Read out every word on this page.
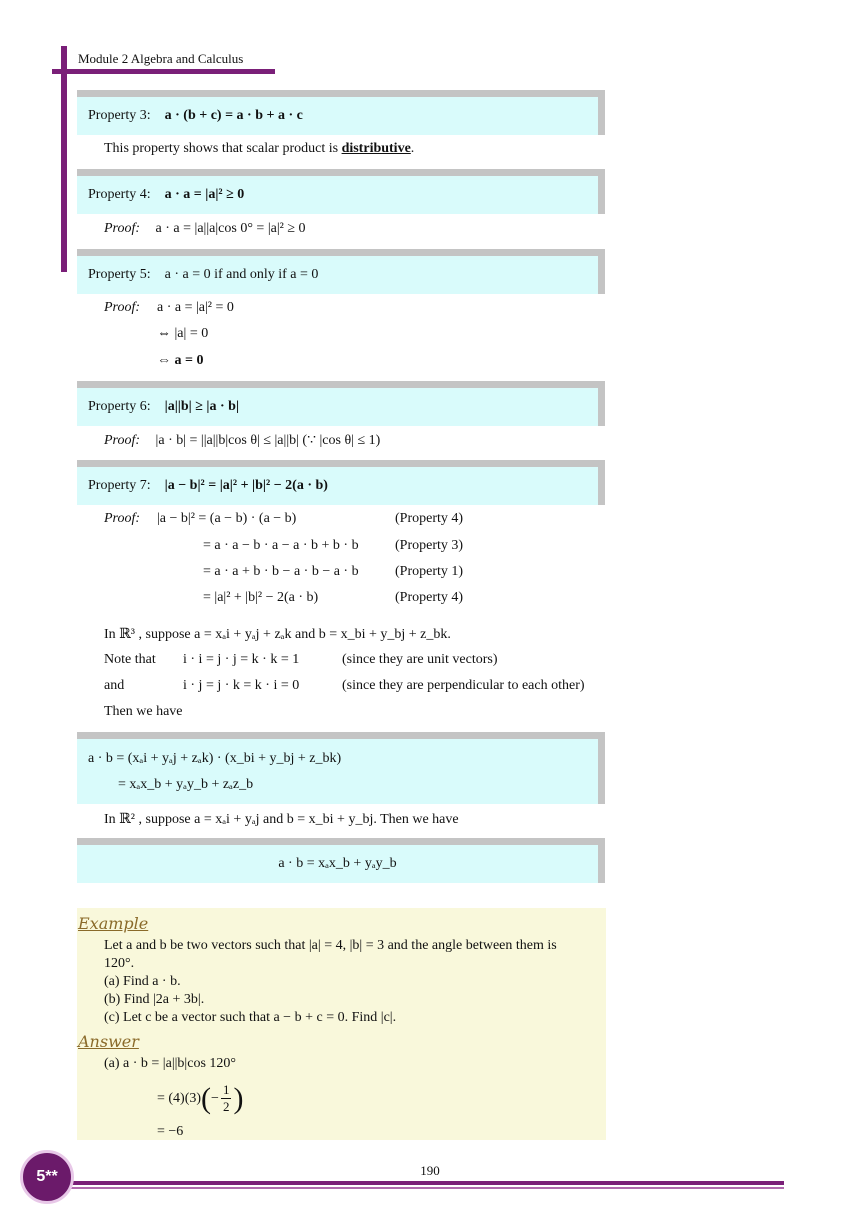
Module 2 Algebra and Calculus
Property 3: a · (b + c) = a · b + a · c
This property shows that scalar product is distributive.
Property 4: a · a = |a|² ≥ 0
Proof: a · a = |a||a|cos 0° = |a|² ≥ 0
Property 5: a · a = 0 if and only if a = 0
Proof: a · a = |a|² = 0
⇔ |a| = 0
⇔ a = 0
Property 6: |a||b| ≥ |a · b|
Proof: |a · b| = ||a||b|cos θ| ≤ |a||b| (∵ |cos θ| ≤ 1)
Property 7: |a − b|² = |a|² + |b|² − 2(a · b)
Proof: |a − b|² = (a − b) · (a − b)	(Property 4)
= a · a − b · a − a · b + b · b	(Property 3)
= a · a + b · b − a · b − a · b	(Property 1)
= |a|² + |b|² − 2(a · b)	(Property 4)
In ℝ³ , suppose a = xₐi + yₐj + zₐk and b = x_bi + y_bj + z_bk.
Note that i · i = j · j = k · k = 1	(since they are unit vectors)
and	i · j = j · k = k · i = 0	(since they are perpendicular to each other)
Then we have
a · b = (xₐi + yₐj + zₐk) · (x_bi + y_bj + z_bk)
= xₐx_b + yₐy_b + zₐz_b
In ℝ² , suppose a = xₐi + yₐj and b = x_bi + y_bj. Then we have
a · b = xₐx_b + yₐy_b
Example
Let a and b be two vectors such that |a| = 4, |b| = 3 and the angle between them is
120°.
(a) Find a · b.
(b) Find |2a + 3b|.
(c) Let c be a vector such that a − b + c = 0. Find |c|.
Answer
(a) a · b = |a||b|cos 120°
= (4)(3) ( − $\frac{1}{2}$ )
= −6
5**	190
